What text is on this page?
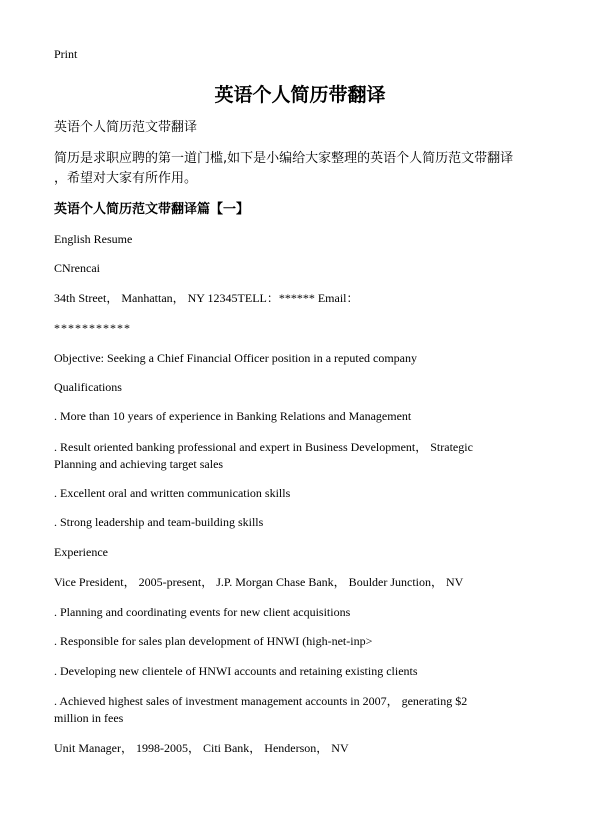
Print
英语个人简历带翻译
英语个人简历范文带翻译
简历是求职应聘的第一道门槛,如下是小编给大家整理的英语个人简历范文带翻译
，希望对大家有所作用。
英语个人简历范文带翻译篇【一】
English Resume
CNrencai
34th Street， Manhattan， NY 12345TELL：****** Email：
***********
Objective: Seeking a Chief Financial Officer position in a reputed company
Qualifications
. More than 10 years of experience in Banking Relations and Management
. Result oriented banking professional and expert in Business Development， Strategic
Planning and achieving target sales
. Excellent oral and written communication skills
. Strong leadership and team-building skills
Experience
Vice President， 2005-present， J.P. Morgan Chase Bank， Boulder Junction， NV
. Planning and coordinating events for new client acquisitions
. Responsible for sales plan development of HNWI (high-net-inp>
. Developing new clientele of HNWI accounts and retaining existing clients
. Achieved highest sales of investment management accounts in 2007， generating $2
million in fees
Unit Manager， 1998-2005， Citi Bank， Henderson， NV
